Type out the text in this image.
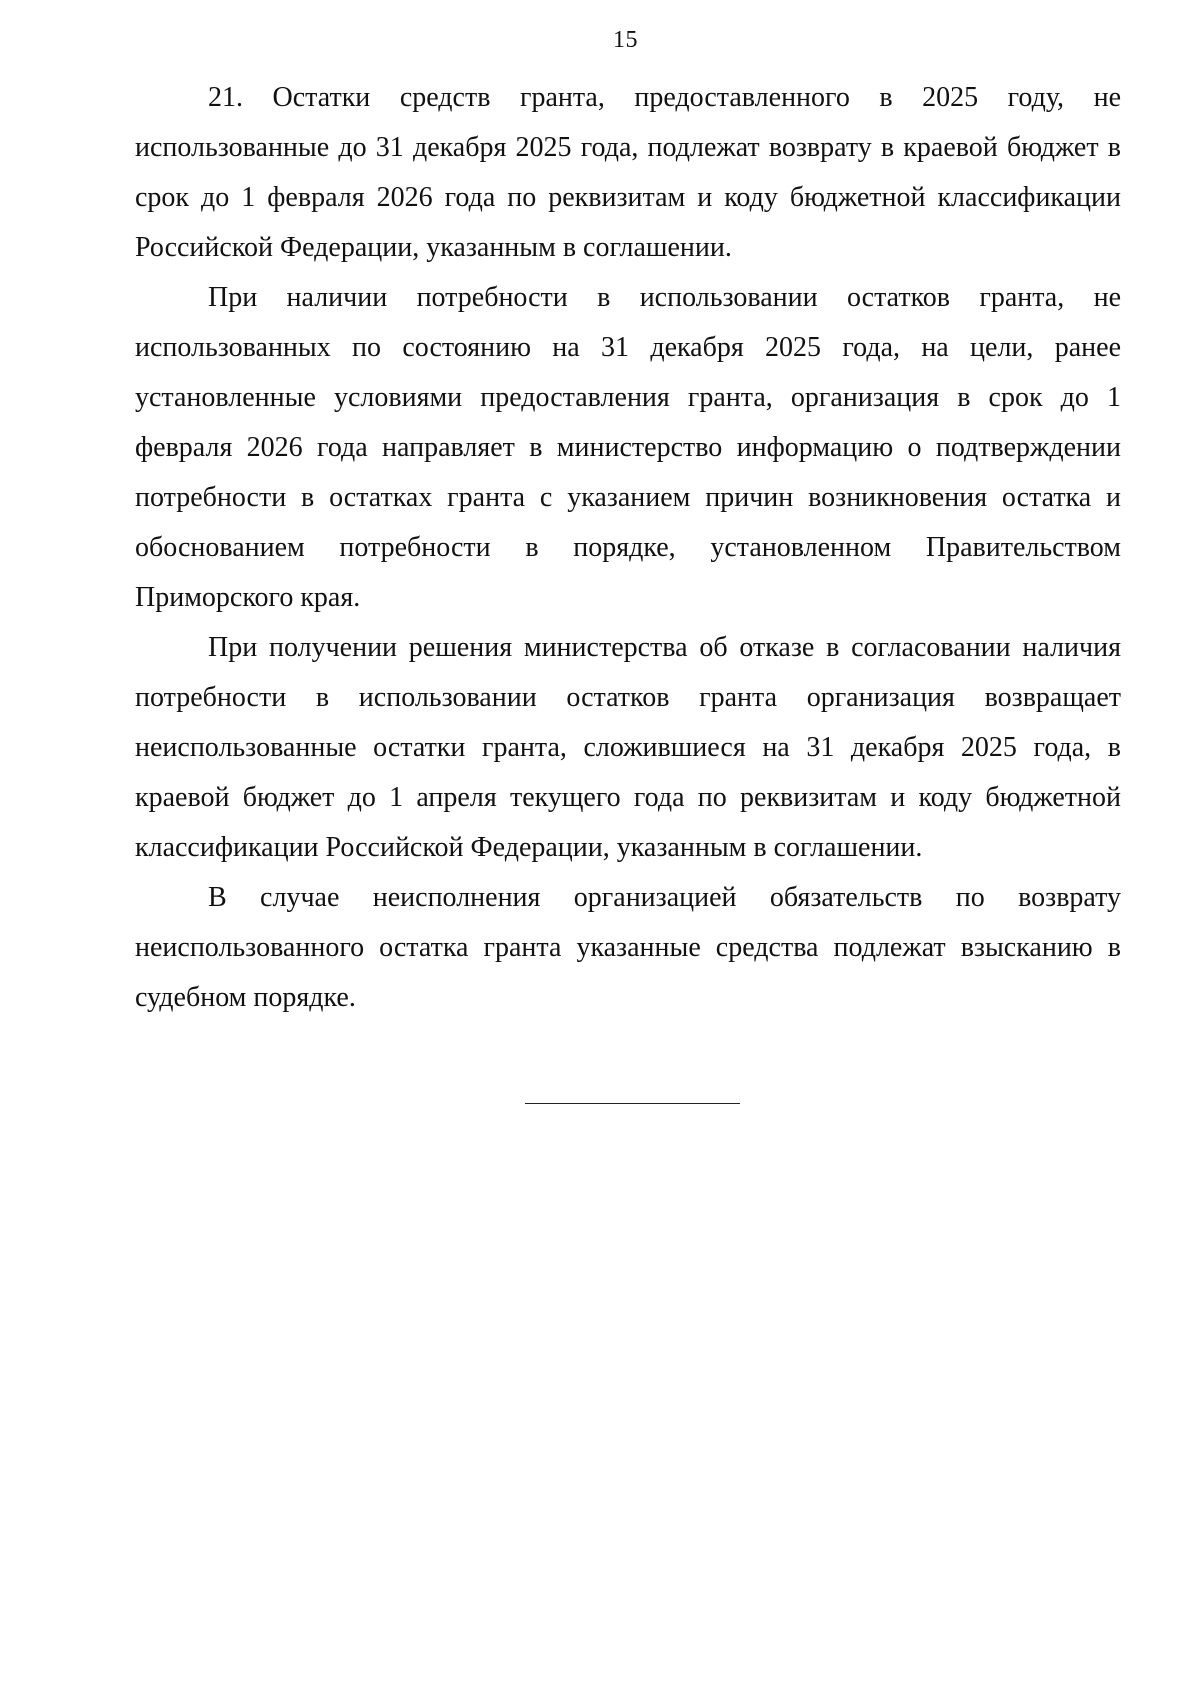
15

21. Остатки средств гранта, предоставленного в 2025 году, не использованные до 31 декабря 2025 года, подлежат возврату в краевой бюджет в срок до 1 февраля 2026 года по реквизитам и коду бюджетной классификации Российской Федерации, указанным в соглашении.

При наличии потребности в использовании остатков гранта, не использованных по состоянию на 31 декабря 2025 года, на цели, ранее установленные условиями предоставления гранта, организация в срок до 1 февраля 2026 года направляет в министерство информацию о подтверждении потребности в остатках гранта с указанием причин возникновения остатка и обоснованием потребности в порядке, установленном Правительством Приморского края.

При получении решения министерства об отказе в согласовании наличия потребности в использовании остатков гранта организация возвращает неиспользованные остатки гранта, сложившиеся на 31 декабря 2025 года, в краевой бюджет до 1 апреля текущего года по реквизитам и коду бюджетной классификации Российской Федерации, указанным в соглашении.

В случае неисполнения организацией обязательств по возврату неиспользованного остатка гранта указанные средства подлежат взысканию в судебном порядке.
